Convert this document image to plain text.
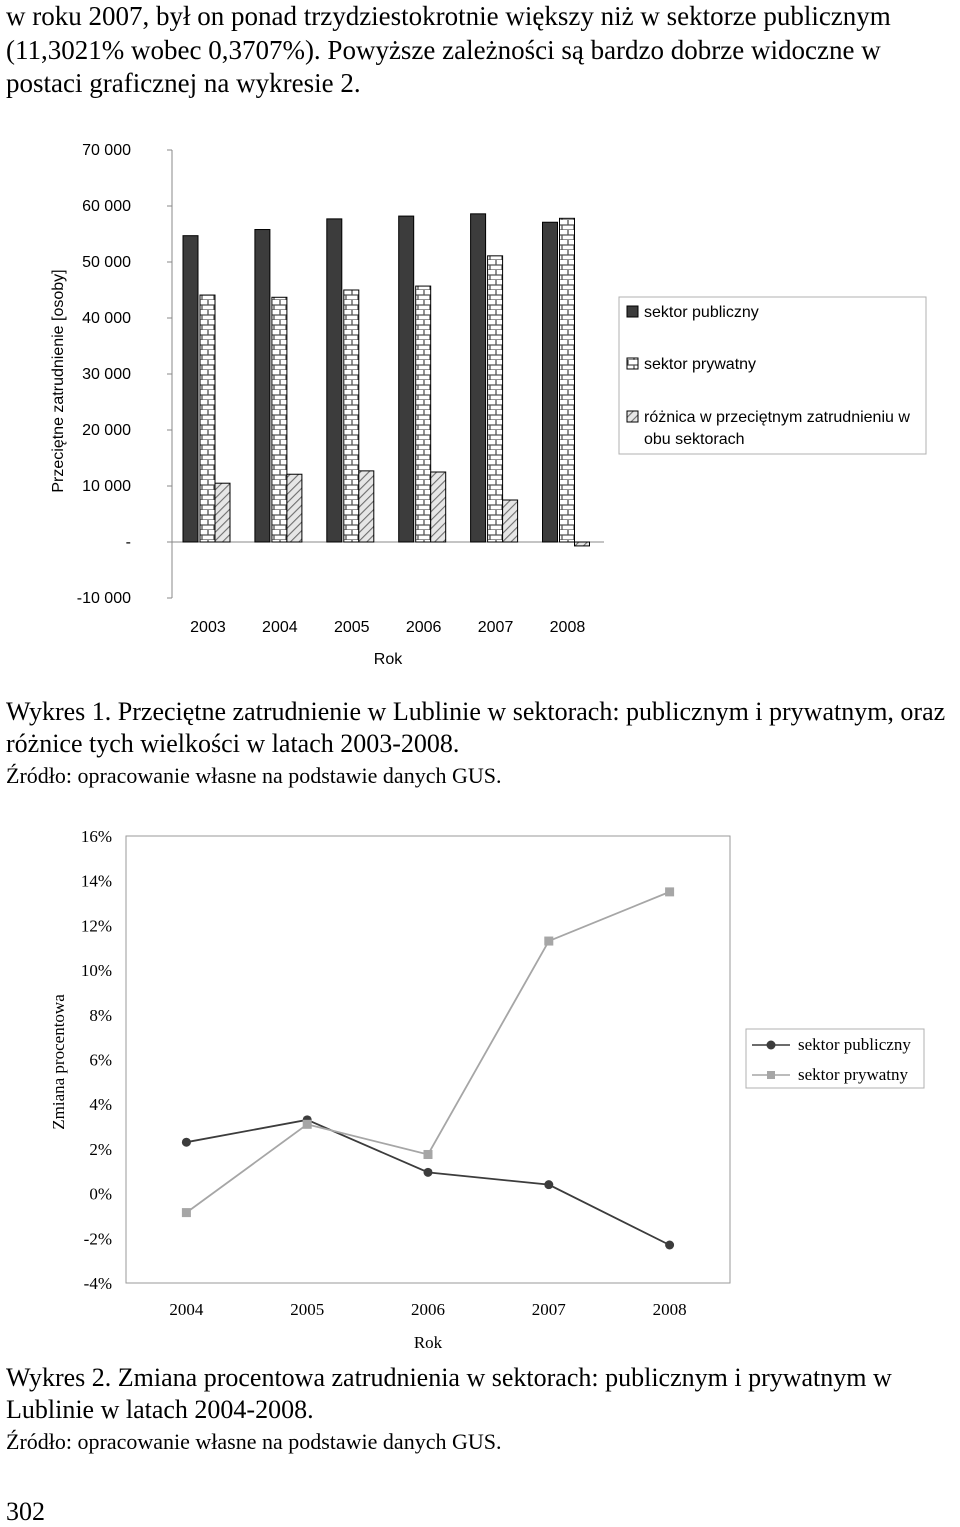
w roku 2007, był on ponad trzydziestokrotnie większy niż w sektorze publicznym (11,3021% wobec 0,3707%). Powyższe zależności są bardzo dobrze widoczne w postaci graficznej na wykresie 2.

-10 000
-
10 000
20 000
30 000
40 000
50 000
60 000
70 000
2003 2004 2005 2006 2007 2008
sektor publiczny
sektor prywatny
różnica w przeciętnym zatrudnieniu w obu sektorach
Przeciętne zatrudnienie [osoby]
Rok

Wykres 1. Przeciętne zatrudnienie w Lublinie w sektorach: publicznym i prywatnym, oraz różnice tych wielkości w latach 2003-2008.

Źródło: opracowanie własne na podstawie danych GUS.

-4%
-2%
0%
2%
4%
6%
8%
10%
12%
14%
16%
2004	2005	2006	2007	2008
sektor publiczny
sektor prywatny
Zmiana procentowa
Rok

Wykres 2. Zmiana procentowa zatrudnienia w sektorach: publicznym i prywatnym w Lublinie w latach 2004-2008.

Źródło: opracowanie własne na podstawie danych GUS.

302
